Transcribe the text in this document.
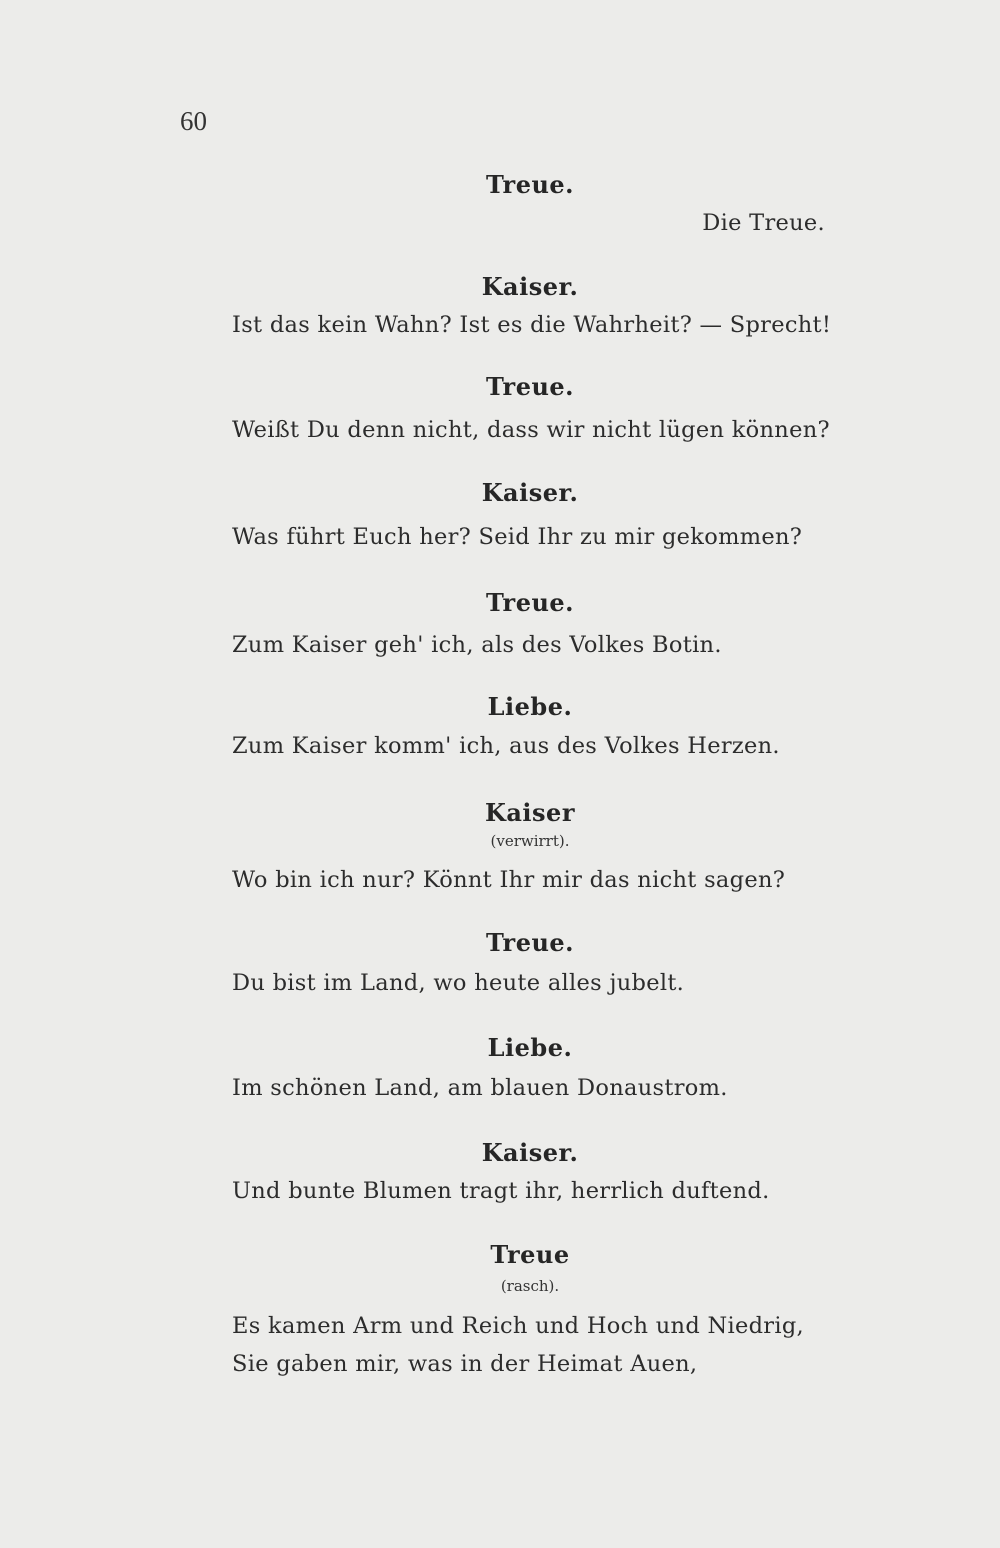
60
Treue.
Die Treue.
Kaiser.
Ist das kein Wahn? Ist es die Wahrheit? — Sprecht!
Treue.
Weißt Du denn nicht, dass wir nicht lügen können?
Kaiser.
Was führt Euch her? Seid Ihr zu mir gekommen?
Treue.
Zum Kaiser geh' ich, als des Volkes Botin.
Liebe.
Zum Kaiser komm' ich, aus des Volkes Herzen.
Kaiser
(verwirrt).
Wo bin ich nur? Könnt Ihr mir das nicht sagen?
Treue.
Du bist im Land, wo heute alles jubelt.
Liebe.
Im schönen Land, am blauen Donaustrom.
Kaiser.
Und bunte Blumen tragt ihr, herrlich duftend.
Treue
(rasch).
Es kamen Arm und Reich und Hoch und Niedrig,
Sie gaben mir, was in der Heimat Auen,
